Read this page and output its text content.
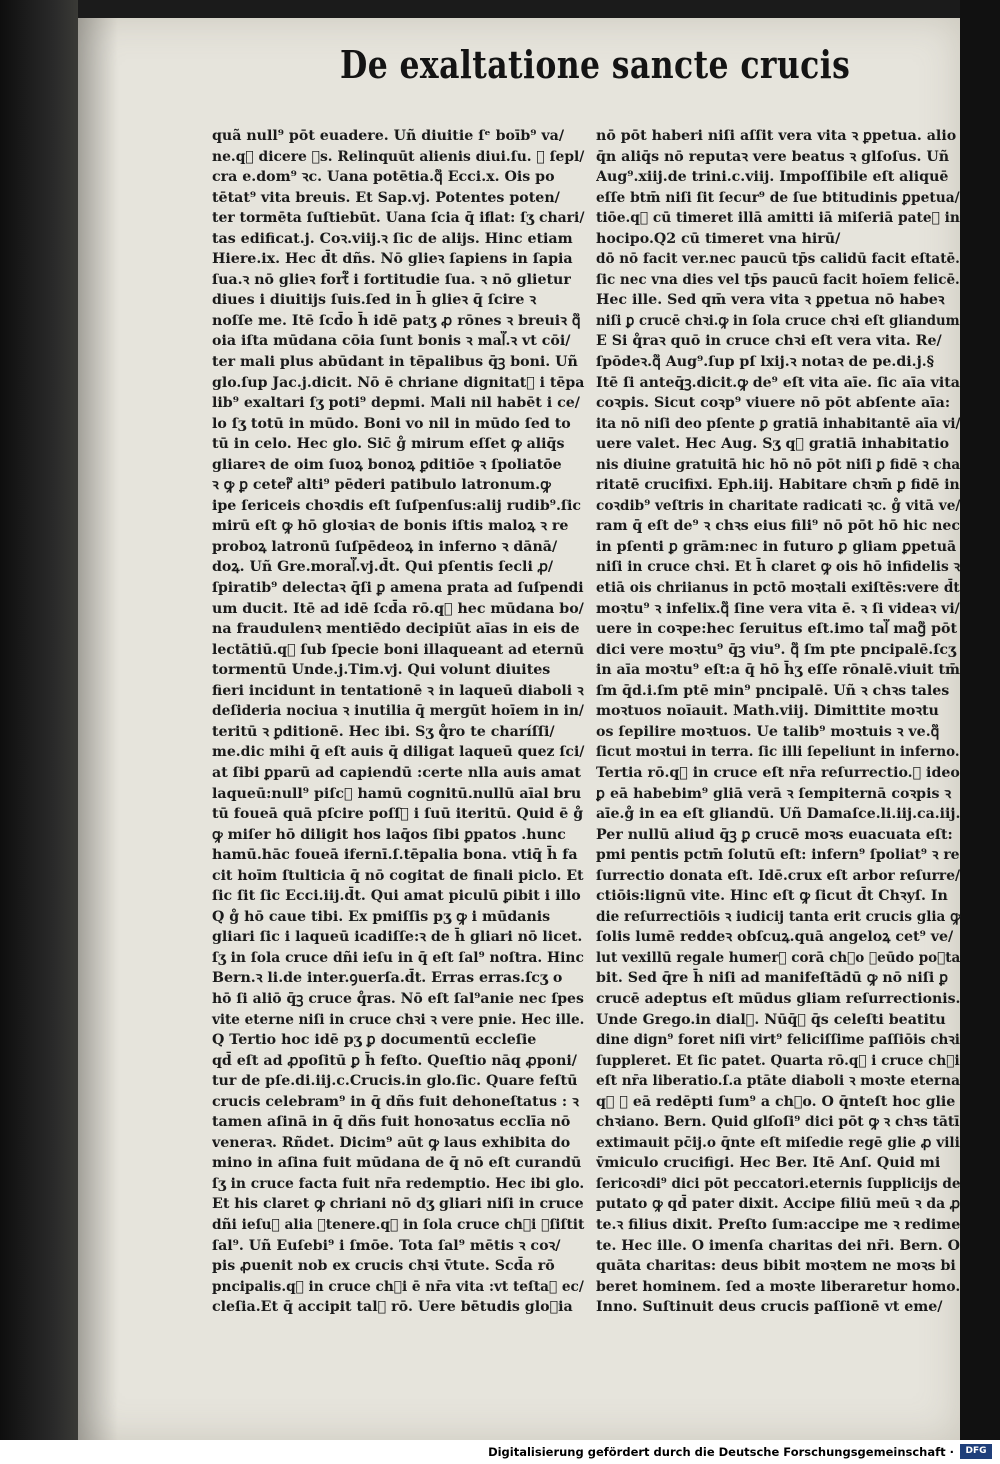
De exaltatione sancte crucis
quã null⁹ pōt euadere. Uñ diuitie ſᵉ boīb⁹ va/
ne.q᷑ dicere ꝓs. Relinquūt alienis diui.ſu. ꝛ ſepl/
cra e.dom⁹ ꝛc. Uana potētia.q᷑ Ecci.x. Ois po
tētat⁹ vita breuis. Et Sap.vj. Potentes poten/
ter tormēta ſuſtiebūt. Uana ſcia q̄ iflat: ſʒ chari/
tas edificat.j. Coꝛ.viij.ꝛ ſic de alijs. Hinc etiam
Hiere.ix. Hec d̄t dñs. Nō glieꝛ ſapiens in ſapia
ſua.ꝛ nō glieꝛ fort᷑ i fortitudie ſua. ꝛ nō glietur
diues i diuitijs ſuis.ſed in h̄ glieꝛ q̄ ſcire ꝛ
noſſe me. Itē ſcd̄o h̄ idē patʒ ꝓ rōnes ꝛ breuiꝛ q᷑
oia iſta mūdana cōia ſunt bonis ꝛ mal᷑.ꝛ vt cōi/
ter mali plus abūdant in tēpalibus q̄ꝫ boni. Uñ
glo.ſup Jac.j.dicit. Nō ē chriane dignitat᷑ i tēpa
lib⁹ exaltari ſʒ poti⁹ depmi. Mali nil habēt i ce/
lo ſʒ totū in mūdo. Boni vo nil in mūdo ſed to
tū in celo. Hec glo. Sic̄ g̊ mirum eſſet ꝙ aliq̄s
gliareꝛ de oim ſuoꝝ bonoꝝ ꝑditiōe ꝛ ſpoliatōe
ꝛ ꝙ ꝑ ceter᷑ alti⁹ pēderi patibulo latronum.ꝙ
ipe ſericeis choꝛdis eſt ſuſpenſus:alij rudib⁹.ſic
mirū eſt ꝙ hō gloꝛiaꝛ de bonis iſtis maloꝝ ꝛ re
proboꝝ latronū ſuſpēdeoꝝ in inferno ꝛ dānā/
doꝝ. Uñ Gre.moral᷑.vj.d̄t. Qui pſentis ſecli ꝓ/
ſpiratib⁹ delectaꝛ q̄ſi ꝑ amena prata ad ſuſpendi
um ducit. Itē ad idē ſcd̄a rō.q᷑ hec mūdana bo/
na fraudulenꝛ mentiēdo decipiūt aīas in eis de
lectātiū.q᷑ ſub ſpecie boni illaqueant ad eternū
tormentū Unde.j.Tim.vj. Qui volunt diuites
fieri incidunt in tentationē ꝛ in laqueū diaboli ꝛ
deſideria nociua ꝛ inutilia q̄ mergūt hoīem in in/
teritū ꝛ ꝑditionē. Hec ibi. Sʒ q̊ro te charíſſi/
me.dic mihi q̄ eſt auis q̄ diligat laqueū quez ſci/
at ſibi ꝑparū ad capiendū :certe nlla auis amat
laqueū:null⁹ piſc᷑ hamū cognitū.nullū aīal bru
tū foueā quā pſcire poſſ᷑ i ſuū iteritū. Quid ē g̊
ꝙ miſer hō diligit hos laq̄os ſibi ꝑpatos .hunc
hamū.hāc foueā ifernī.ſ.tēpalia bona. vtiq̄ h̄ fa
cit hoīm ſtulticia q̄ nō cogitat de finali piclo. Et
ſic ſit ſic Ecci.iij.d̄t. Qui amat piculū ꝑibit i illo
Q g̊ hō caue tibi. Ex pmiſſis pʒ ꝙ i mūdanis
gliari ſic i laqueū icadiſſe:ꝛ de h̄ gliari nō licet.
ſʒ in ſola cruce dñi ieſu in q̄ eſt ſal⁹ noſtra. Hinc
Bern.ꝛ li.de inter.ꝯuerſa.d̄t. Erras erras.ſcʒ o
hō ſi aliō q̄ꝫ cruce q̊ras. Nō eſt ſal⁹anie nec ſpes
vite eterne niſi in cruce chꝛi ꝛ vere pnie. Hec ille.
Q Tertio hoc idē pʒ ꝑ documentū eccleſie
qd̄ eſt ad ꝓpoſitū ꝑ h̄ feſto. Queſtio nāq ꝓponi/
tur de pſe.di.iij.c.Crucis.in glo.ſic. Quare feſtū
crucis celebram⁹ in q̄ dñs fuit dehoneſtatus : ꝛ
tamen aſinā in q̄ dñs fuit honoꝛatus ecclīa nō
veneraꝛ. Rñdet. Dicim⁹ aūt ꝙ laus exhibita do
mino in aſina fuit mūdana de q̄ nō eſt curandū
ſʒ in cruce facta fuit nr̄a redemptio. Hec ibi glo.
Et his claret ꝙ chriani nō dʒ gliari niſi in cruce
dñi ieſu᷑ alia ꝯtenere.q᷑ in ſola cruce chꝛi ꝯſiſtit
ſal⁹. Uñ Euſebi⁹ i ſmōe. Tota ſal⁹ mētis ꝛ coꝛ/
pis ꝓuenit nob ex crucis chꝛi v̄tute. Scd̄a rō
pncipalis.q᷑ in cruce chꝛi ē nr̄a vita :vt teſtaꝛ ec/
cleſia.Et q̄ accipit tal᷑ rō. Uere bētudis gloꝛia
nō pōt haberi niſi aſſit vera vita ꝛ ꝑpetua. alio
q̄n aliq̄s nō reputaꝛ vere beatus ꝛ glſoſus. Uñ
Aug⁹.xiij.de trini.c.viij. Impoſſibile eſt aliquē
eſſe btm̄ niſi ſit ſecur⁹ de ſue btitudinis ꝑpetua/
tiōe.q᷑ cū timeret illā amitti iā miſeriā pateꝛ in
hocipo.Q2 cū timeret vna hirū/
dō nō facit ver.nec paucū tp̄s calidū facit eſtatē.
ſic nec vna dies vel tp̄s paucū facit hoīem felicē.
Hec ille. Sed qm̄ vera vita ꝛ ꝑpetua nō habeꝛ
niſi ꝑ crucē chꝛi.ꝙ in ſola cruce chꝛi eſt gliandum
E Si q̊raꝛ quō in cruce chꝛi eſt vera vita. Re/
ſpōdeꝛ.q᷑ Aug⁹.ſup pſ lxij.ꝛ notaꝛ de pe.di.j.§
Itē ſi anteq̄ꝫ.dicit.ꝙ de⁹ eſt vita aīe. ſic aīa vita
coꝛpis. Sicut coꝛp⁹ viuere nō pōt abſente aīa:
ita nō niſi deo pſente ꝑ gratiā inhabitantē aīa vi/
uere valet. Hec Aug. Sʒ q᷑ gratiā inhabitatio
nis diuine gratuitā hic hō nō pōt niſi ꝑ fidē ꝛ cha
ritatē crucifixi. Eph.iij. Habitare chꝛm̄ ꝑ fidē in
coꝛdib⁹ veſtris in charitate radicati ꝛc. g̊ vitā ve/
ram q̄ eſt de⁹ ꝛ chꝛs eius fili⁹ nō pōt hō hic nec
in pſenti ꝑ grām:nec in futuro ꝑ gliam ꝑpetuā
niſi in cruce chꝛi. Et h̄ claret ꝙ ois hō infidelis ꝛ
etiā ois chriianus in pctō moꝛtali exiſtēs:vere d̄t
moꝛtu⁹ ꝛ infelix.q᷑ ſine vera vita ē. ꝛ ſi videaꝛ vi/
uere in coꝛpe:hec ſeruitus eſt.imo tal᷑ mag᷑ pōt
dici vere moꝛtu⁹ q̄ꝫ viu⁹. q᷑ ſm pte pncipalē.ſcʒ
in aīa moꝛtu⁹ eſt:a q̄ hō h̄ʒ eſſe rōnalē.viuit tm̄
ſm q̄d.i.ſm ptē min⁹ pncipalē. Uñ ꝛ chꝛs tales
moꝛtuos noīauit. Math.viij. Dimittite moꝛtu
os ſepilire moꝛtuos. Ue talib⁹ moꝛtuis ꝛ ve.q᷑
ſicut moꝛtui in terra. ſic illi ſepeliunt in inferno.
Tertia rō.q᷑ in cruce eſt nr̄a reſurrectio.ꝛ ideo
ꝑ eā habebim⁹ gliā verā ꝛ ſempiternā coꝛpis ꝛ
aīe.g̊ in ea eſt gliandū. Uñ Damaſce.li.iij.ca.iij.
Per nullū aliud q̄ꝫ ꝑ crucē moꝛs euacuata eſt:
pmi pentis pctm̄ ſolutū eſt: infern⁹ ſpoliat⁹ ꝛ re
ſurrectio donata eſt. Idē.crux eſt arbor reſurre/
ctiōis:lignū vite. Hinc eſt ꝙ ſicut d̄t Chꝛyſ. In
die reſurrectiōis ꝛ iudicij tanta erit crucis glia ꝙ
ſolis lumē reddeꝛ obſcuꝝ.quā angeloꝝ cet⁹ ve/
lut vexillū regale humer᷑ corā chꝛo ꝑeūdo poꝛta
bit. Sed q̄re h̄ niſi ad manifeſtādū ꝙ nō niſi ꝑ
crucē adeptus eſt mūdus gliam reſurrectionis.
Unde Grego.in dial᷑. Nūq̄ꝫ q̄s celeſti beatitu
dine dign⁹ foret niſi virt⁹ feliciſſime paſſiōis chꝛi
ſuppleret. Et ſic patet. Quarta rō.q᷑ i cruce chꝛi
eſt nr̄a liberatio.ſ.a ptāte diaboli ꝛ moꝛte eterna
q᷑ ꝑ eā redēpti ſum⁹ a chꝛo. O q̄nteſt hoc glie
chꝛiano. Bern. Quid glſoſi⁹ dici pōt ꝙ ꝛ chꝛs tātī
extimauit pc̄ij.o q̄nte eſt miſedie regē glie ꝓ vili
v̄miculo crucifigi. Hec Ber. Itē Anſ. Quid mi
ſericoꝛdi⁹ dici pōt peccatori.eternis ſupplicijs de
putato ꝙ qd̄ pater dixit. Accipe filiū meū ꝛ da ꝓ
te.ꝛ filius dixit. Preſto ſum:accipe me ꝛ redime
te. Hec ille. O imenſa charitas dei nr̄i. Bern. O
quāta charitas: deus bibit moꝛtem ne moꝛs bi
beret hominem. ſed a moꝛte liberaretur homo.
Inno. Suſtinuit deus crucis paſſionē vt eme/
Digitalisierung gefördert durch die Deutsche Forschungsgemeinschaft ·	DFG
